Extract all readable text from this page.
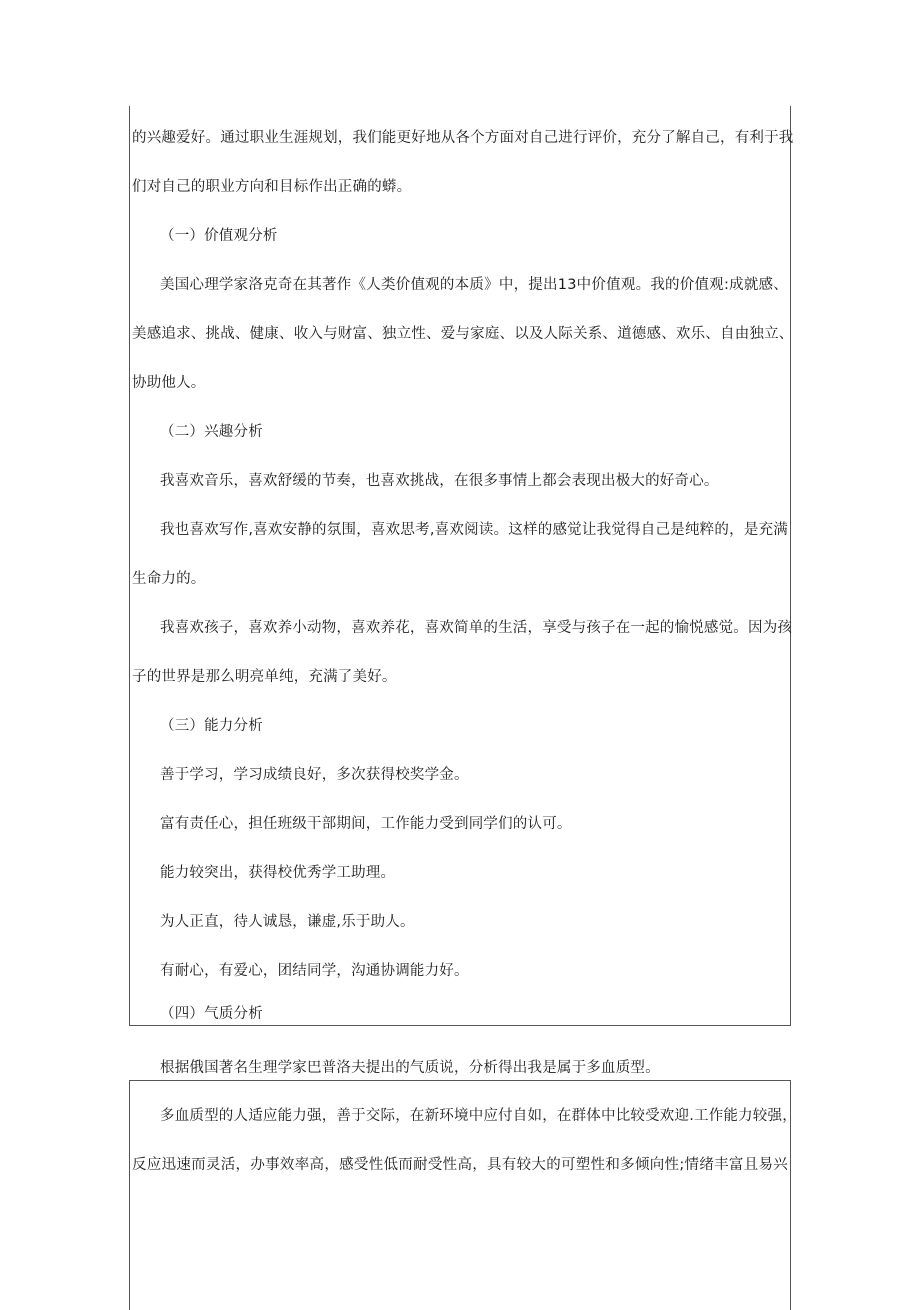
的兴趣爱好。通过职业生涯规划，我们能更好地从各个方面对自己进行评价，充分了解自己，有利于我
们对自己的职业方向和目标作出正确的蟒。
（一）价值观分析
美国心理学家洛克奇在其著作《人类价值观的本质》中，提出13中价值观。我的价值观:成就感、
美感追求、挑战、健康、收入与财富、独立性、爱与家庭、以及人际关系、道德感、欢乐、自由独立、
协助他人。
（二）兴趣分析
我喜欢音乐，喜欢舒缓的节奏，也喜欢挑战，在很多事情上都会表现出极大的好奇心。
我也喜欢写作,喜欢安静的氛围，喜欢思考,喜欢阅读。这样的感觉让我觉得自己是纯粹的，是充满
生命力的。
我喜欢孩子，喜欢养小动物，喜欢养花，喜欢简单的生活，享受与孩子在一起的愉悦感觉。因为孩
子的世界是那么明亮单纯，充满了美好。
（三）能力分析
善于学习，学习成绩良好，多次获得校奖学金。
富有责任心，担任班级干部期间，工作能力受到同学们的认可。
能力较突出，获得校优秀学工助理。
为人正直，待人诚恳，谦虚,乐于助人。
有耐心，有爱心，团结同学，沟通协调能力好。
（四）气质分析
根据俄国著名生理学家巴普洛夫提出的气质说，分析得出我是属于多血质型。
多血质型的人适应能力强，善于交际，在新环境中应付自如，在群体中比较受欢迎.工作能力较强，
反应迅速而灵活，办事效率高，感受性低而耐受性高，具有较大的可塑性和多倾向性;情绪丰富且易兴
